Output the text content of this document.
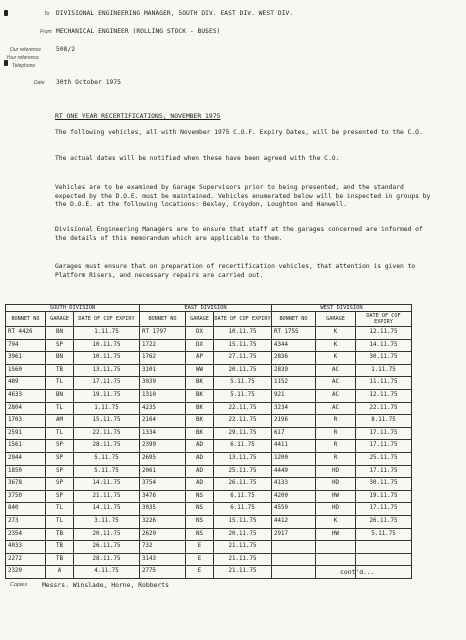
To DIVISIONAL ENGINEERING MANAGER, SOUTH DIV. EAST DIV. WEST DIV.
From MECHANICAL ENGINEER (ROLLING STOCK - BUSES)
Our reference 508/2
Your reference
Telephone
Date 30th October 1975
RT ONE YEAR RECERTIFICATIONS, NOVEMBER 1975
The following vehicles, all with November 1975 C.O.F. Expiry Dates, will be presented to the C.O.
The actual dates will be notified when these have been agreed with the C.O.
Vehicles are to be examined by Garage Supervisors prior to being presented, and the standard expected by the D.O.E. must be maintained. Vehicles enumerated below will be inspected in groups by the D.O.E. at the following locations: Bexley, Croydon, Loughton and Hanwell.
Divisional Engineering Managers are to ensure that staff at the garages concerned are informed of the details of this memorandum which are applicable to them.
Garages must ensure that on preparation of recertification vehicles, that attention is given to Platform Risers, and necessary repairs are carried out.
SOUTH DIVISION			EAST DIVISION			WEST DIVISION		
BONNET NO	GARAGE	DATE OF COF EXPIRY	BONNET NO	GARAGE	DATE OF COF EXPIRY	BONNET NO	GARAGE	DATE OF COF EXPIRY
RT 4426	BN	1.11.75	RT 1797	DX	10.11.75	RT 1755	K	12.11.75
794	SP	10.11.75	1722	DX	15.11.75	4344	K	14.11.75
3961	BN	10.11.75	1762	AP	27.11.75	2836	K	30.11.75
1560	TB	13.11.75	3101	WW	20.11.75	2839	AC	1.11.75
489	TL	17.11.75	3039	BK	5.11.75	1152	AC	11.11.75
4633	BN	19.11.75	1310	BK	5.11.75	921	AC	12.11.75
2804	TL	1.11.75	4235	BK	22.11.75	3234	AC	22.11.75
1703	AM	15.11.75	2164	BK	22.11.75	2196	R	8.11.75
2591	TL	22.11.75	1334	BK	29.11.75	617	R	17.11.75
1561	SP	28.11.75	2399	AD	6.11.75	4411	R	17.11.75
2944	SP	5.11.75	2695	AD	13.11.75	1200	R	25.11.75
1850	SP	5.11.75	2061	AD	25.11.75	4449	HD	17.11.75
3678	SP	14.11.75	3754	AD	26.11.75	4133	HD	30.11.75
3750	SP	21.11.75	3476	NS	6.11.75	4200	HW	19.11.75
840	TL	14.11.75	3035	NS	6.11.75	4559	HD	17.11.75
273	TL	3.11.75	3226	NS	15.11.75	4412	K	26.11.75
2354	TB	20.11.75	2620	NS	20.11.75	2917	HW	5.11.75
4033	TB	26.11.75	732	E	21.11.75			
2272	TB	28.11.75	3143	E	21.11.75			
2320	A	4.11.75	2775	E	21.11.75				cont'd...
Copies Messrs. Winslade, Horne, Robberts
